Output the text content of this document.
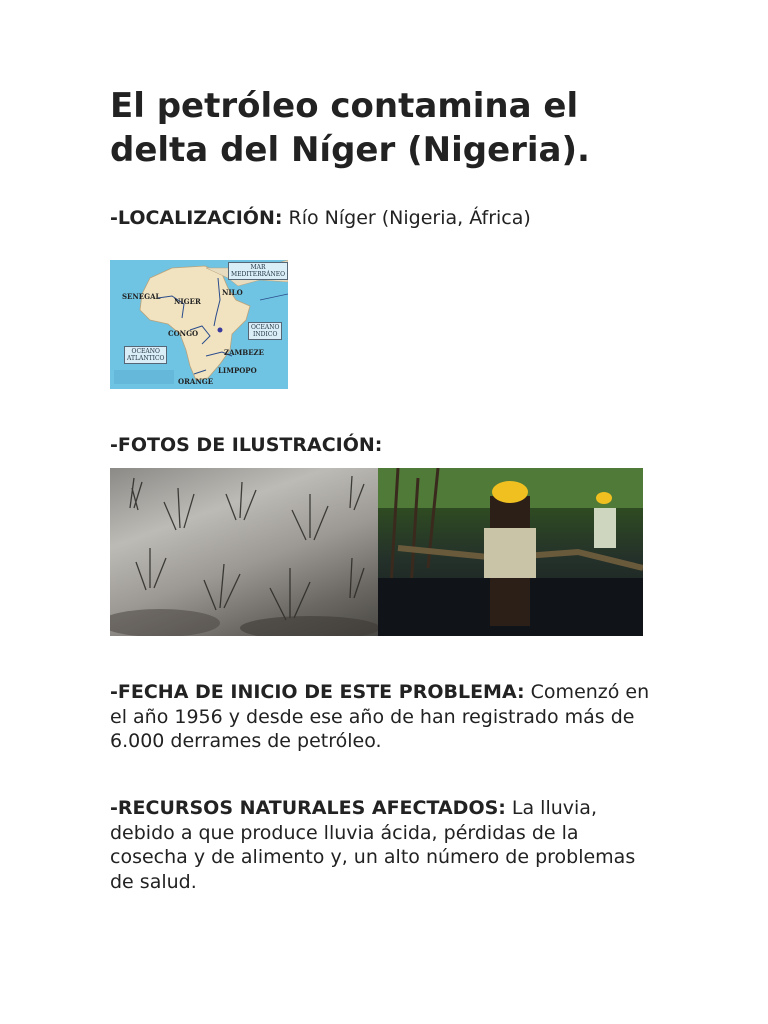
El petróleo contamina el delta del Níger (Nigeria).

-LOCALIZACIÓN: Río Níger (Nigeria, África)

MAR
MEDITERRÁNEO
NILO
SENEGAL
NIGER
CONGO
OCEANO
INDICO
OCEANO
ATLANTICO
ZAMBEZE
LIMPOPO
ORANGE

-FOTOS DE ILUSTRACIÓN:

-FECHA DE INICIO DE ESTE PROBLEMA: Comenzó en el año 1956 y desde ese año de han registrado más de 6.000 derrames de petróleo.

-RECURSOS NATURALES AFECTADOS: La lluvia, debido a que produce lluvia ácida, pérdidas de la cosecha y de alimento y, un alto número de problemas de salud.
